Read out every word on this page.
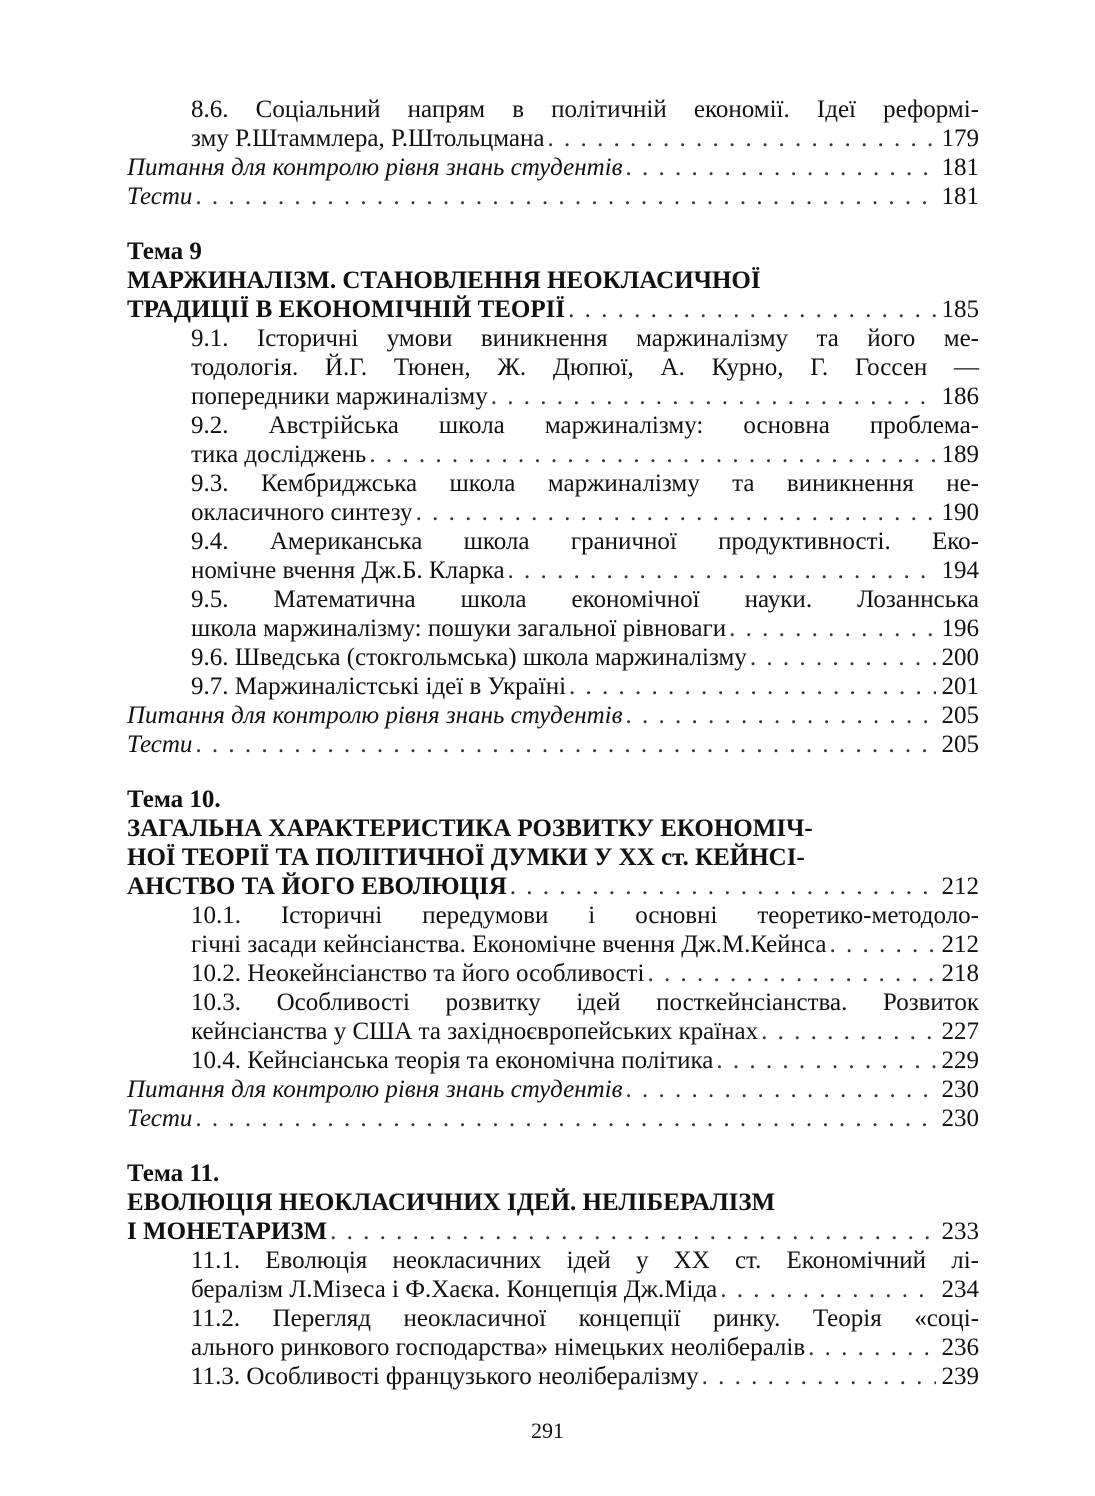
8.6. Соціальний напрям в політичній економії. Ідеї реформі-
зму Р.Штаммлера, Р.Штольцмана . . .	179
Питання для контролю рівня знань студентів . . .	181
Тести . . .	181
Тема 9
МАРЖИНАЛІЗМ. СТАНОВЛЕННЯ НЕОКЛАСИЧНОЇ
ТРАДИЦІЇ В ЕКОНОМІЧНІЙ ТЕОРІЇ . . .	185
9.1. Історичні умови виникнення маржиналізму та його ме-
тодологія. Й.Г. Тюнен, Ж. Дюпюї, А. Курно, Г. Госсен —
попередники маржиналізму . . .	186
9.2. Австрійська школа маржиналізму: основна проблема-
тика досліджень . . .	189
9.3. Кембриджська школа маржиналізму та виникнення не-
окласичного синтезу . . .	190
9.4. Американська школа граничної продуктивності. Еко-
номічне вчення Дж.Б. Кларка . . .	194
9.5. Математична школа економічної науки. Лозаннська
школа маржиналізму: пошуки загальної рівноваги . . .	196
9.6. Шведська (стокгольмська) школа маржиналізму . . .	200
9.7. Маржиналістські ідеї в Україні . . .	201
Питання для контролю рівня знань студентів . . .	205
Тести . . .	205
Тема 10.
ЗАГАЛЬНА ХАРАКТЕРИСТИКА РОЗВИТКУ ЕКОНОМІЧ-
НОЇ ТЕОРІЇ ТА ПОЛІТИЧНОЇ ДУМКИ У XX ст. КЕЙНСІ-
АНСТВО ТА ЙОГО ЕВОЛЮЦІЯ . . .	212
10.1. Історичні передумови і основні теоретико-методоло-
гічні засади кейнсіанства. Економічне вчення Дж.М.Кейнса . . .	212
10.2. Неокейнсіанство та його особливості . . .	218
10.3. Особливості розвитку ідей посткейнсіанства. Розвиток
кейнсіанства у США та західноєвропейських країнах . . .	227
10.4. Кейнсіанська теорія та економічна політика . . .	229
Питання для контролю рівня знань студентів . . .	230
Тести . . .	230
Тема 11.
ЕВОЛЮЦІЯ НЕОКЛАСИЧНИХ ІДЕЙ. НЕЛІБЕРАЛІЗМ
І МОНЕТАРИЗМ . . .	233
11.1. Еволюція неокласичних ідей у XX ст. Економічний лі-
бералізм Л.Мізеса і Ф.Хаєка. Концепція Дж.Міда . . .	234
11.2. Перегляд неокласичної концепції ринку. Теорія «соці-
ального ринкового господарства» німецьких неолібералів . . .	236
11.3. Особливості французького неолібералізму . . .	239
291
